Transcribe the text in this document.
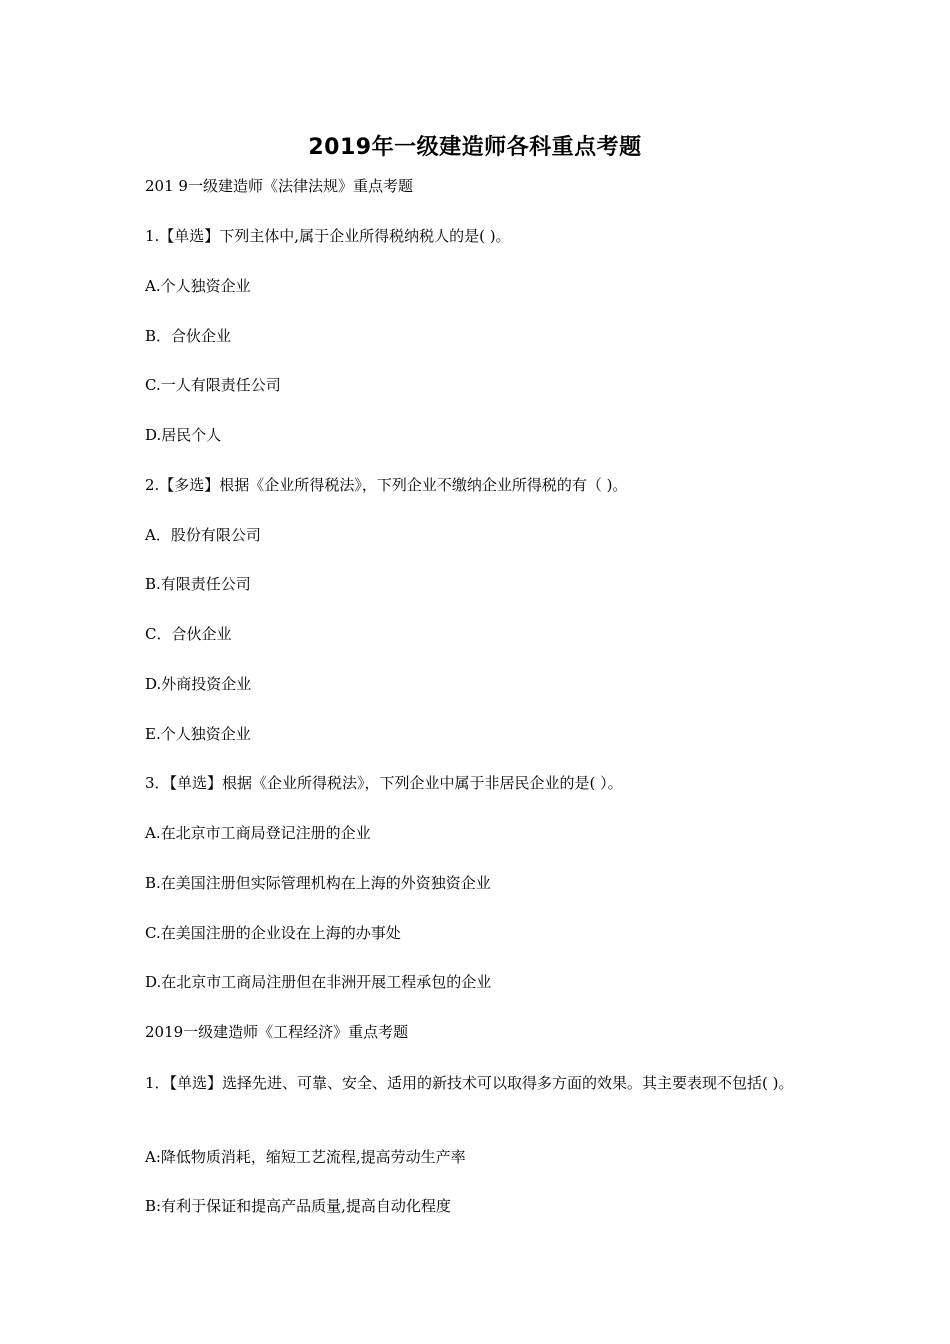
2019年一级建造师各科重点考题
201 9一级建造师《法律法规》重点考题
1.【单选】下列主体中,属于企业所得税纳税人的是( )。
A.个人独资企业
B．合伙企业
C.一人有限责任公司
D.居民个人
2.【多选】根据《企业所得税法》，下列企业不缴纳企业所得税的有（ )。
A．股份有限公司
B.有限责任公司
C．合伙企业
D.外商投资企业
E.个人独资企业
3．【单选】根据《企业所得税法》，下列企业中属于非居民企业的是( ）。
A.在北京市工商局登记注册的企业
B.在美国注册但实际管理机构在上海的外资独资企业
C.在美国注册的企业设在上海的办事处
D.在北京市工商局注册但在非洲开展工程承包的企业
2019一级建造师《工程经济》重点考题
1．【单选】选择先进、可靠、安全、适用的新技术可以取得多方面的效果。其主要表现不包括( )。
A:降低物质消耗，缩短工艺流程,提高劳动生产率
B:有利于保证和提高产品质量,提高自动化程度
